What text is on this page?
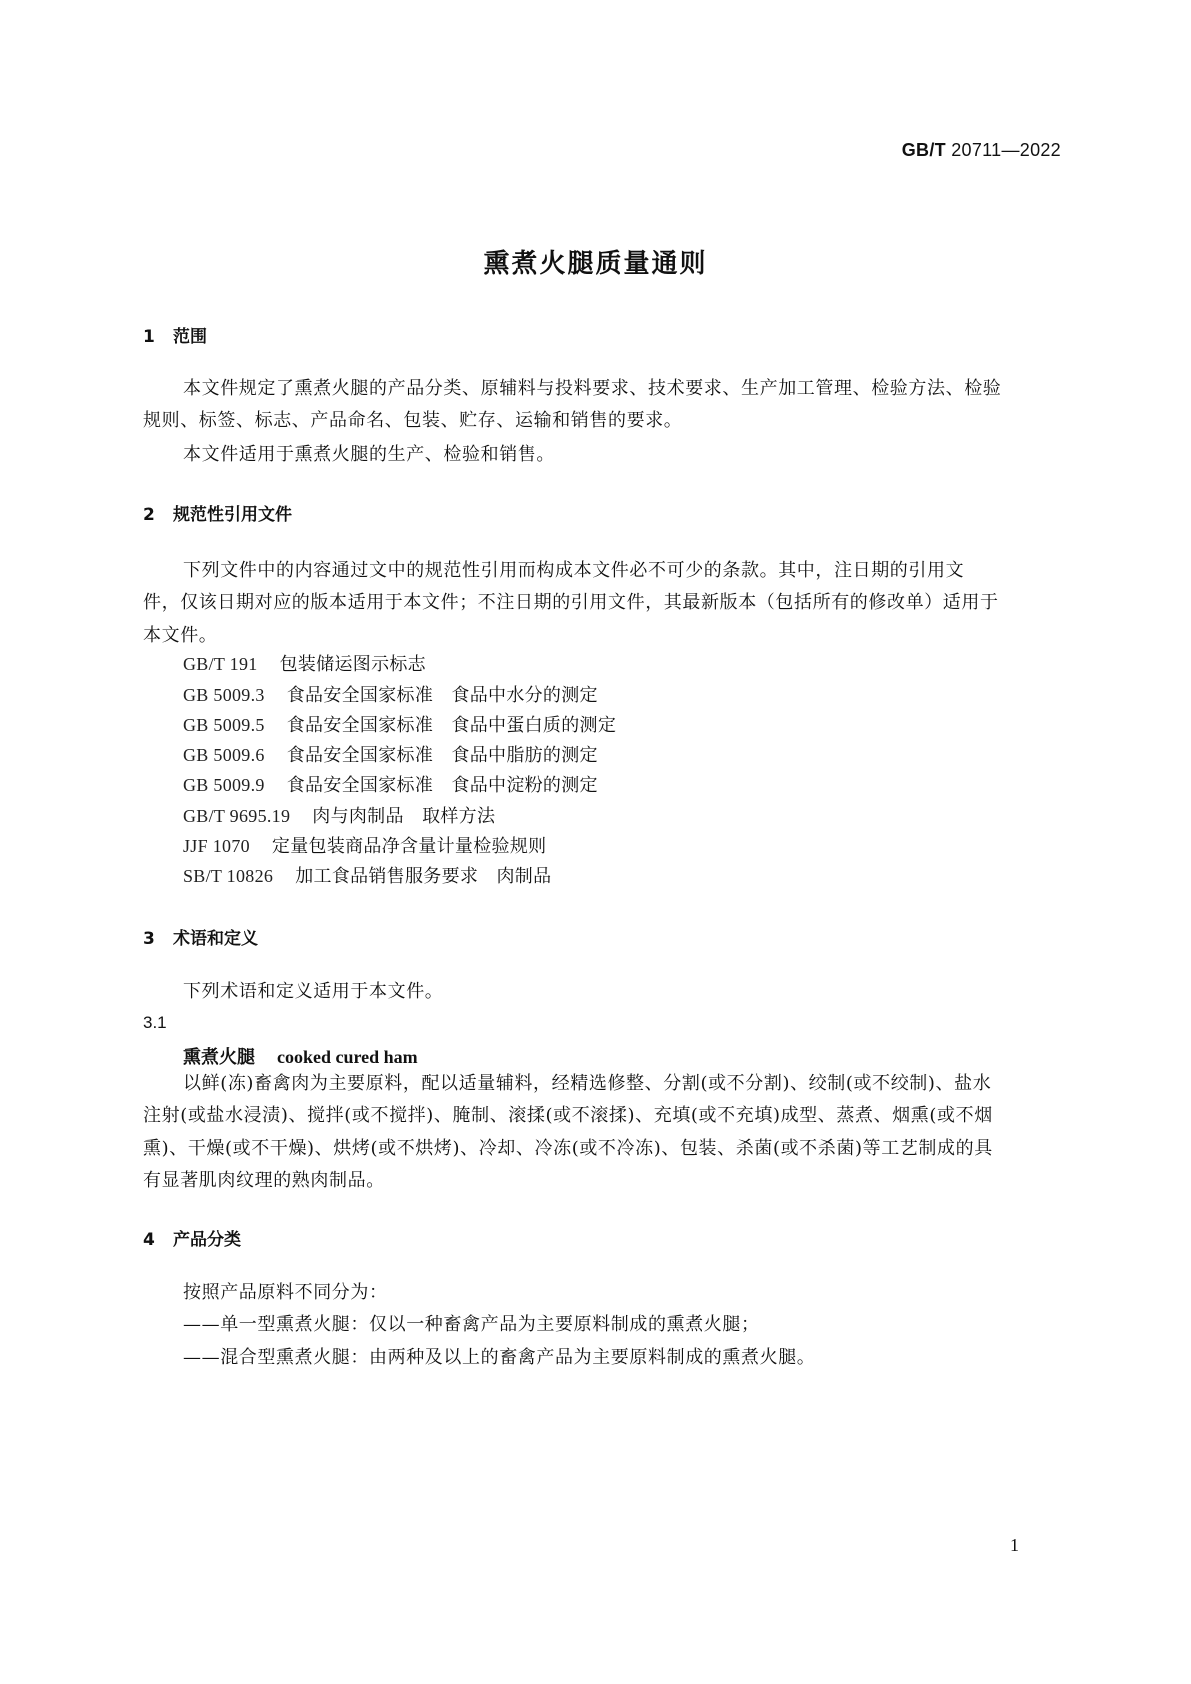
GB/T 20711—2022
熏煮火腿质量通则
1 范围
本文件规定了熏煮火腿的产品分类、原辅料与投料要求、技术要求、生产加工管理、检验方法、检验
规则、标签、标志、产品命名、包装、贮存、运输和销售的要求。
本文件适用于熏煮火腿的生产、检验和销售。
2 规范性引用文件
下列文件中的内容通过文中的规范性引用而构成本文件必不可少的条款。其中，注日期的引用文
件，仅该日期对应的版本适用于本文件；不注日期的引用文件，其最新版本（包括所有的修改单）适用于
本文件。
GB/T 191 包装储运图示标志
GB 5009.3 食品安全国家标准　食品中水分的测定
GB 5009.5 食品安全国家标准　食品中蛋白质的测定
GB 5009.6 食品安全国家标准　食品中脂肪的测定
GB 5009.9 食品安全国家标准　食品中淀粉的测定
GB/T 9695.19 肉与肉制品　取样方法
JJF 1070 定量包装商品净含量计量检验规则
SB/T 10826 加工食品销售服务要求　肉制品
3 术语和定义
下列术语和定义适用于本文件。
3.1
熏煮火腿 cooked cured ham
以鲜(冻)畜禽肉为主要原料，配以适量辅料，经精选修整、分割(或不分割)、绞制(或不绞制)、盐水
注射(或盐水浸渍)、搅拌(或不搅拌)、腌制、滚揉(或不滚揉)、充填(或不充填)成型、蒸煮、烟熏(或不烟
熏)、干燥(或不干燥)、烘烤(或不烘烤)、冷却、冷冻(或不冷冻)、包装、杀菌(或不杀菌)等工艺制成的具
有显著肌肉纹理的熟肉制品。
4 产品分类
按照产品原料不同分为：
——单一型熏煮火腿：仅以一种畜禽产品为主要原料制成的熏煮火腿；
——混合型熏煮火腿：由两种及以上的畜禽产品为主要原料制成的熏煮火腿。
1
